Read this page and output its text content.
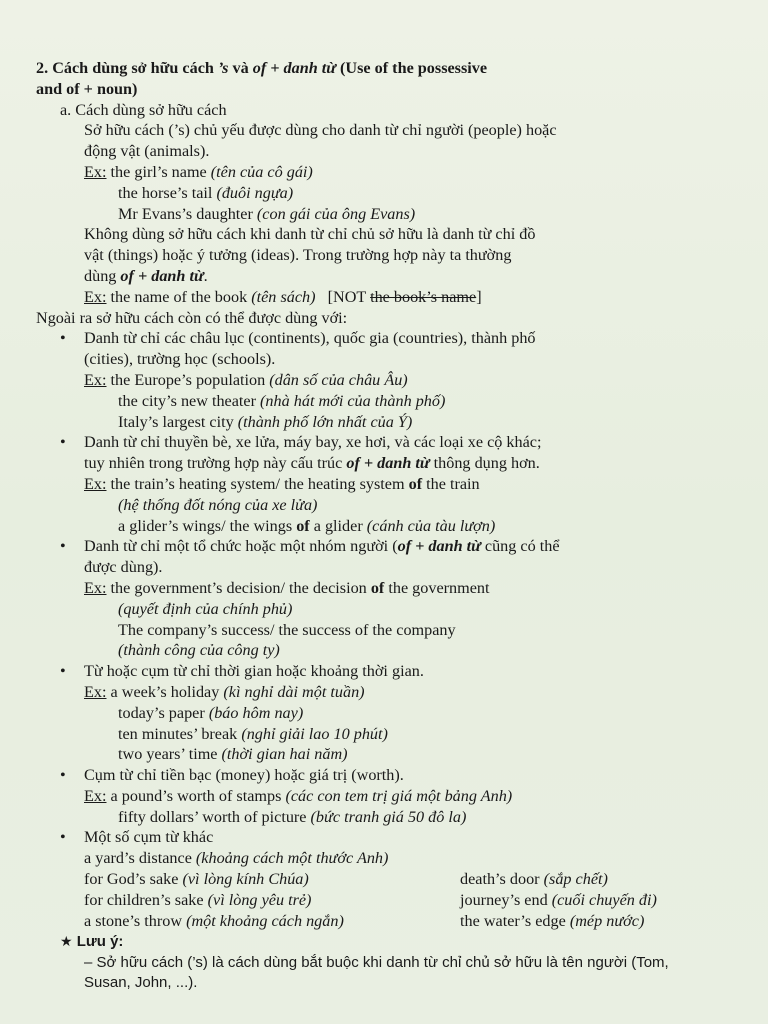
2. Cách dùng sở hữu cách ’s và of + danh từ (Use of the possessive
and of + noun)
a. Cách dùng sở hữu cách
Sở hữu cách (’s) chủ yếu được dùng cho danh từ chỉ người (people) hoặc
động vật (animals).
Ex: the girl’s name (tên của cô gái)
the horse’s tail (đuôi ngựa)
Mr Evans’s daughter (con gái của ông Evans)
Không dùng sở hữu cách khi danh từ chỉ chủ sở hữu là danh từ chỉ đồ
vật (things) hoặc ý tưởng (ideas). Trong trường hợp này ta thường
dùng of + danh từ.
Ex: the name of the book (tên sách) [NOT the book’s name]
Ngoài ra sở hữu cách còn có thể được dùng với:
• Danh từ chỉ các châu lục (continents), quốc gia (countries), thành phố
(cities), trường học (schools).
Ex: the Europe’s population (dân số của châu Âu)
the city’s new theater (nhà hát mới của thành phố)
Italy’s largest city (thành phố lớn nhất của Ý)
• Danh từ chỉ thuyền bè, xe lửa, máy bay, xe hơi, và các loại xe cộ khác;
tuy nhiên trong trường hợp này cấu trúc of + danh từ thông dụng hơn.
Ex: the train’s heating system/ the heating system of the train
(hệ thống đốt nóng của xe lửa)
a glider’s wings/ the wings of a glider (cánh của tàu lượn)
• Danh từ chỉ một tổ chức hoặc một nhóm người (of + danh từ cũng có thể
được dùng).
Ex: the government’s decision/ the decision of the government
(quyết định của chính phủ)
The company’s success/ the success of the company
(thành công của công ty)
• Từ hoặc cụm từ chỉ thời gian hoặc khoảng thời gian.
Ex: a week’s holiday (kì nghỉ dài một tuần)
today’s paper (báo hôm nay)
ten minutes’ break (nghỉ giải lao 10 phút)
two years’ time (thời gian hai năm)
• Cụm từ chỉ tiền bạc (money) hoặc giá trị (worth).
Ex: a pound’s worth of stamps (các con tem trị giá một bảng Anh)
fifty dollars’ worth of picture (bức tranh giá 50 đô la)
• Một số cụm từ khác
a yard’s distance (khoảng cách một thước Anh)
for God’s sake (vì lòng kính Chúa)	death’s door (sắp chết)
for children’s sake (vì lòng yêu trẻ)	journey’s end (cuối chuyến đi)
a stone’s throw (một khoảng cách ngắn)	the water’s edge (mép nước)
★ Lưu ý:
– Sở hữu cách (’s) là cách dùng bắt buộc khi danh từ chỉ chủ sở hữu là tên người (Tom,
Susan, John, ...).
